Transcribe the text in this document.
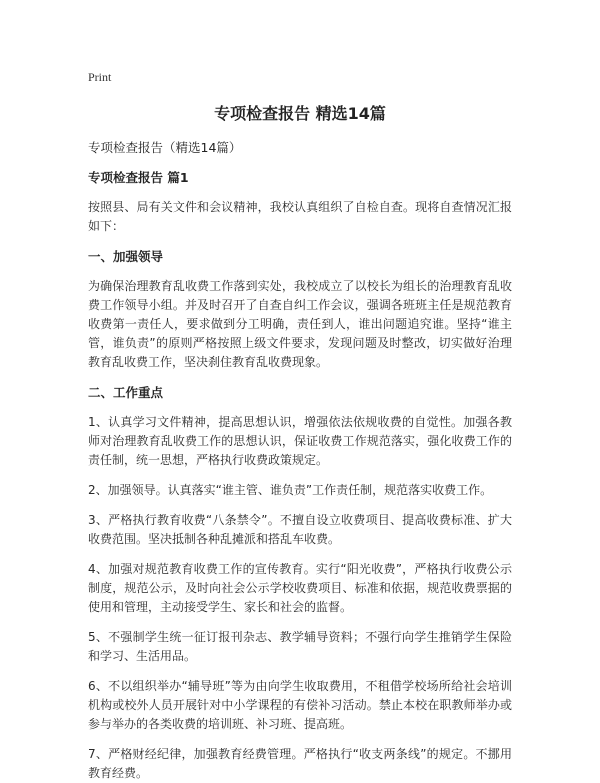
Print
专项检查报告 精选14篇
专项检查报告（精选14篇）
专项检查报告 篇1

按照县、局有关文件和会议精神，我校认真组织了自检自查。现将自查情况汇报如下：

一、加强领导

为确保治理教育乱收费工作落到实处，我校成立了以校长为组长的治理教育乱收费工作领导小组。并及时召开了自查自纠工作会议，强调各班班主任是规范教育收费第一责任人，要求做到分工明确，责任到人，谁出问题追究谁。坚持“谁主管，谁负责”的原则严格按照上级文件要求，发现问题及时整改，切实做好治理教育乱收费工作，坚决刹住教育乱收费现象。

二、工作重点

1、认真学习文件精神，提高思想认识，增强依法依规收费的自觉性。加强各教师对治理教育乱收费工作的思想认识，保证收费工作规范落实，强化收费工作的责任制，统一思想，严格执行收费政策规定。

2、加强领导。认真落实“谁主管、谁负责”工作责任制，规范落实收费工作。

3、严格执行教育收费“八条禁令”。不擅自设立收费项目、提高收费标准、扩大收费范围。坚决抵制各种乱摊派和搭乱车收费。

4、加强对规范教育收费工作的宣传教育。实行“阳光收费”，严格执行收费公示制度，规范公示，及时向社会公示学校收费项目、标准和依据，规范收费票据的使用和管理，主动接受学生、家长和社会的监督。

5、不强制学生统一征订报刊杂志、教学辅导资料；不强行向学生推销学生保险和学习、生活用品。

6、不以组织举办“辅导班”等为由向学生收取费用，不租借学校场所给社会培训机构或校外人员开展针对中小学课程的有偿补习活动。禁止本校在职教师举办或参与举办的各类收费的培训班、补习班、提高班。

7、严格财经纪律，加强教育经费管理。严格执行“收支两条线”的规定。不挪用教育经费。
